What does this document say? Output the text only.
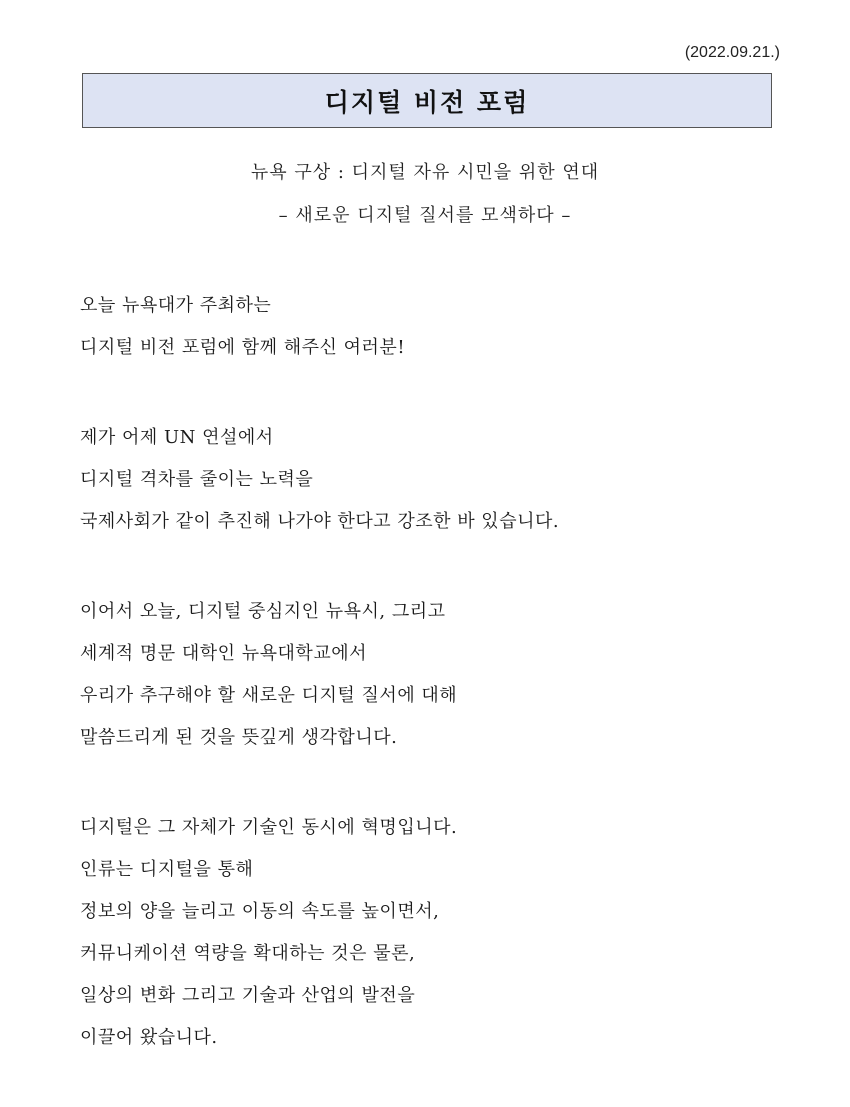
(2022.09.21.)
디지털 비전 포럼
뉴욕 구상 : 디지털 자유 시민을 위한 연대
– 새로운 디지털 질서를 모색하다 –
오늘 뉴욕대가 주최하는
디지털 비전 포럼에 함께 해주신 여러분!
제가 어제 UN 연설에서
디지털 격차를 줄이는 노력을
국제사회가 같이 추진해 나가야 한다고 강조한 바 있습니다.
이어서 오늘, 디지털 중심지인 뉴욕시, 그리고
세계적 명문 대학인 뉴욕대학교에서
우리가 추구해야 할 새로운 디지털 질서에 대해
말씀드리게 된 것을 뜻깊게 생각합니다.
디지털은 그 자체가 기술인 동시에 혁명입니다.
인류는 디지털을 통해
정보의 양을 늘리고 이동의 속도를 높이면서,
커뮤니케이션 역량을 확대하는 것은 물론,
일상의 변화 그리고 기술과 산업의 발전을
이끌어 왔습니다.
